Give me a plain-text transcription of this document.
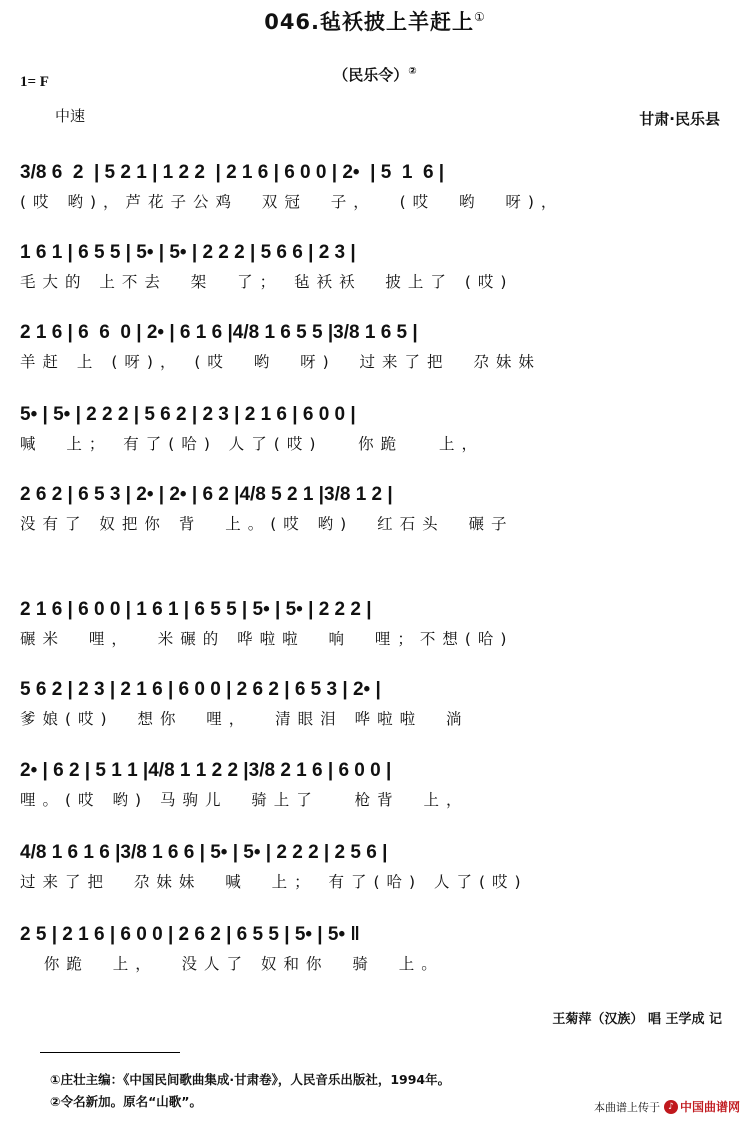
046.毡袄披上羊赶上①
（民乐令）②
1= F
中速	甘肃·民乐县
3/8 6  2  | 5 2 1 | 1 2 2  | 2 1 6 | 6 0 0 | 2•  | 5  1  6 |
(哎 哟)，芦花子公鸡  双冠  子，  (哎  哟  呀)，
1 6 1 | 6 5 5 | 5• | 5• | 2 2 2 | 5 6 6 | 2 3 |
毛大的 上不去  架  了； 毡袄袄  披上了 (哎)
2 1 6 | 6  6  0 | 2• | 6 1 6 |4/8 1 6 5 5 |3/8 1 6 5 |
羊赶 上 (呀)， (哎  哟  呀)  过来了把  尕妹妹
5• | 5• | 2 2 2 | 5 6 2 | 2 3 | 2 1 6 | 6 0 0 |
喊  上； 有了(哈) 人了(哎)   你跪   上，
2 6 2 | 6 5 3 | 2• | 2• | 6 2 |4/8 5 2 1 |3/8 1 2 |
没有了 奴把你 背  上。(哎 哟)  红石头  碾子
2 1 6 | 6 0 0 | 1 6 1 | 6 5 5 | 5• | 5• | 2 2 2 |
碾米  哩，  米碾的 哗啦啦  响  哩；不想(哈)
5 6 2 | 2 3 | 2 1 6 | 6 0 0 | 2 6 2 | 6 5 3 | 2• |
爹娘(哎)  想你  哩，  清眼泪 哗啦啦  淌
2• | 6 2 | 5 1 1 |4/8 1 1 2 2 |3/8 2 1 6 | 6 0 0 |
哩。(哎 哟) 马驹儿  骑上了   枪背  上，
4/8 1 6 1 6 |3/8 1 6 6 | 5• | 5• | 2 2 2 | 2 5 6 |
过来了把  尕妹妹  喊  上； 有了(哈) 人了(哎)
2 5 | 2 1 6 | 6 0 0 | 2 6 2 | 6 5 5 | 5• | 5• ‖
你跪  上，  没人了 奴和你  骑  上。
王菊萍（汉族） 唱 王学成 记
①庄壮主编：《中国民间歌曲集成·甘肃卷》，人民音乐出版社，1994年。
②令名新加。原名“山歌”。	本曲谱上传于 ♪ 中国曲谱网
